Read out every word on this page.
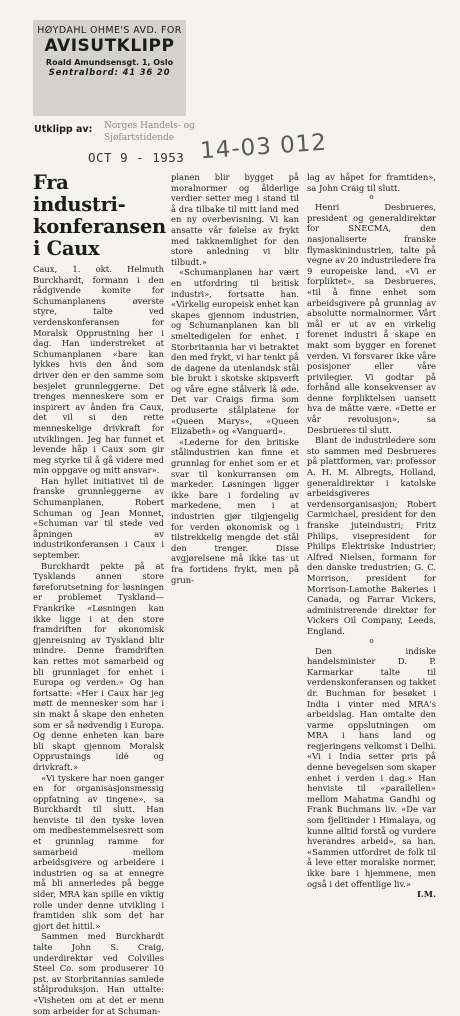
HØYDAHL OHME'S AVD. FOR
AVISUTKLIPP
Roald Amundsensgt. 1, Oslo
Sentralbord: 41 36 20
Utklipp av: Norges Handels- og
Sjøfartstidende
OCT 9 - 1953 14-03 012
Fra industri-
konferansen
i Caux

Caux, 1. okt. Helmuth Burckhardt, formann i den rådgivende komite for Schumanplanens øverste styre, talte ved verdenskonferansen for Moralsk Opprustning her i dag. Han understreket at Schumanplanen «bare kan lykkes hvis den ånd som driver den er den samme som besjelet grunnleggerne. Det trenges menneskere som er inspirert av ånden fra Caux, det vil si den rette menneskelige drivkraft for utviklingen. Jeg har funnet et levende håp i Caux som gir meg styrke til å gå videre med min oppgave og mitt ansvar».

Han hyllet initiativet til de franske grunnleggerne av Schumanplanen, Robert Schuman og Jean Monnet, «Schuman var til stede ved åpningen av industrikonferansen i Caux i september.

Burckhardt pekte på at Tysklands annen store føreforutsetning for løsningen er problemet Tyskland—Frankrike «Løsningen kan ikke ligge i at den store framdriften for økonomisk gjenreisning av Tyskland blir mindre. Denne framdriften kan rettes mot samarbeid og bli grunnlaget for enhet i Europa og verden.» Og han fortsatte: «Her i Caux har jeg møtt de mennesker som har i sin makt å skape den enheten som er så nødvendig i Europa. Og denne enheten kan bare bli skapt gjennom Moralsk Opprustnings idé og drivkraft.»

«Vi tyskere har noen ganger en for organisasjonsmessig oppfatning av tingene», sa Burckhardt til slutt. Han henviste til den tyske loven om medbestemmelsesrett som et grunnlag ramme for samarbeid mellom arbeidsgivere og arbeidere i industrien og sa at ennegre må bli annerledes på begge sider, MRA kan spille en viktig rolle under denne utvikling i framtiden slik som det har gjort det hittil.»

Sammen med Burckhardt talte John S. Craig, underdirektør ved Colvilles Steel Co. som produserer 10 pst. av Storbritannias samlede stålproduksjon. Han uttalte: «Visheten om at det er menn som arbeider for at Schuman-

planen blir bygget på moralnormer og ålderlige verdier setter meg i stand til å dra tilbake til mitt land med en ny overbevisning. Vi kan ansatte vår følelse av frykt med takknemlighet for den store anledning vi blir tilbudt.»

«Schumanplanen har vært en utfordring til britisk industri», fortsatte han. «Virkelig europeisk enhet kan skapes gjennom industrien, og Schumanplanen kan bli smeltedigelen for enhet. I Storbritannia har vi betraktet den med frykt, vi har tenkt på de dagene da utenlandsk stål ble brukt i skotske skipsverft og våre egne stålverk lå øde. Det var Craigs firma som produserte stålplatene for «Queen Marys», «Queen Elizabeth» og «Vanguard».

«Lederne for den britiske stålindustrien kan finne et grunnlag for enhet som er et svar til konkurransen om markeder. Løsningen ligger ikke bare i fordeling av markedene, men i at industrien gjør tilgjengelig for verden økonomisk og i tilstrekkelig mengde det stål den trenger. Disse avgjørelsene må ikke tas ut fra fortidens frykt, men på grun-

lag av håpet for framtiden», sa John Craig til slutt.

o

Henri Desbrueres, president og generaldirektør for SNECMA, den nasjonaliserte franske flymaskinindustrien, talte på vegne av 20 industriledere fra 9 europeiske land, «Vi er forpliktet», sa Desbrueres, «til å finne enhet som arbeidsgivere på grunnlag av absolutte normalnormer. Vårt mål er ut av en virkelig forenet industri å skape en makt som bygger en forenet verden. Vi forsvarer ikke våre posisjoner eller våre privilegier. Vi godtar på forhånd alle konsekvenser av denne forpliktelsen uansett hva de måtte være. «Dette er vår revolusjon», sa Desbrueres til slutt.

Blant de industriledere som sto sammen med Desbrueres på plattformen, var: professor A. H. M. Albregts, Holland, generaldirektør i katolske arbeidsgiveres verdensorganisasjon; Robert Carmichael, president for den franske juteindustri; Fritz Philips, visepresident for Philips Elektriske Industrier; Alfred Nielsen, formann for den danske tredustrien; G. C. Morrison, president for Morrison-Lamothe Bakeries i Canada, og Farrar Vickers, administrerende direktør for Vickers Oil Company, Leeds, England.

o

Den indiske handelsminister D. P. Karmarkar talte til verdenskonferansen og takket dr. Buchman for besøket i India i vinter med MRA's arbeidslag. Han omtalte den varme oppslutningen om MRA i hans land og regjeringens velkomst i Delhi. «Vi i India setter pris på denne bevegelsen som skaper enhet i verden i dag.» Han henviste til «parallellen» mellom Mahatma Gandhi og Frank Buchmans liv. «De var som fjelltinder i Himalaya, og kunne alltid forstå og vurdere hverandres arbeid», sa han. «Sammen utfordret de folk til å leve etter moralske normer, ikke bare i hjemmene, men også i det offentlige liv.»

I.M.
